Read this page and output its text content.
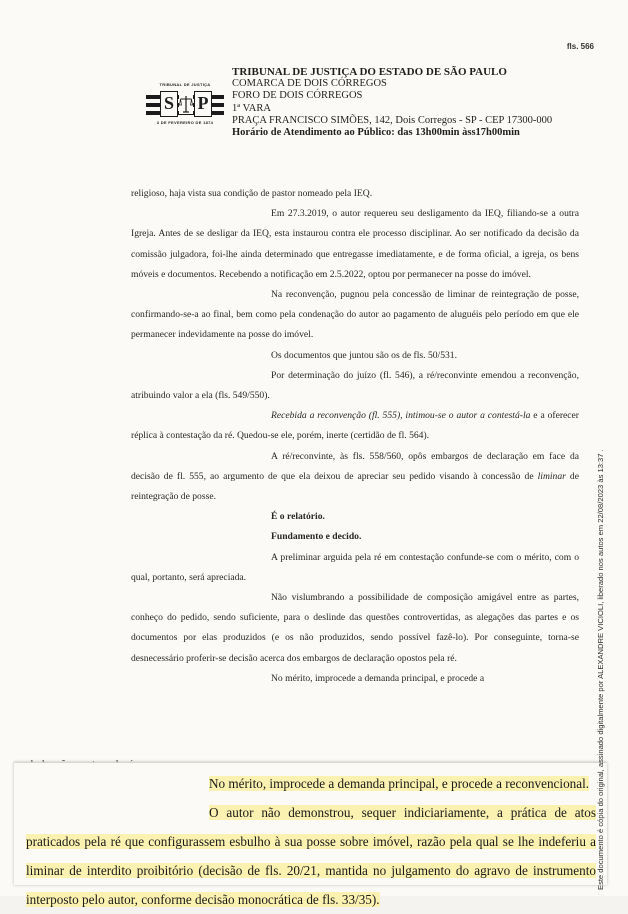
fls. 566
TRIBUNAL DE JUSTIÇA
S P
3 DE FEVEREIRO DE 1874
TRIBUNAL DE JUSTIÇA DO ESTADO DE SÃO PAULO
COMARCA DE DOIS CÓRREGOS
FORO DE DOIS CÓRREGOS
1ª VARA
PRAÇA FRANCISCO SIMÕES, 142, Dois Corregos - SP - CEP 17300-000
Horário de Atendimento ao Público: das 13h00min àss17h00min

religioso, haja vista sua condição de pastor nomeado pela IEQ.

Em 27.3.2019, o autor requereu seu desligamento da IEQ, filiando-se a outra Igreja. Antes de se desligar da IEQ, esta instaurou contra ele processo disciplinar. Ao ser notificado da decisão da comissão julgadora, foi-lhe ainda determinado que entregasse imediatamente, e de forma oficial, a igreja, os bens móveis e documentos. Recebendo a notificação em 2.5.2022, optou por permanecer na posse do imóvel.

Na reconvenção, pugnou pela concessão de liminar de reintegração de posse, confirmando-se-a ao final, bem como pela condenação do autor ao pagamento de aluguéis pelo período em que ele permanecer indevidamente na posse do imóvel.

Os documentos que juntou são os de fls. 50/531.

Por determinação do juízo (fl. 546), a ré/reconvinte emendou a reconvenção, atribuindo valor a ela (fls. 549/550).

Recebida a reconvenção (fl. 555), intimou-se o autor a contestá-la e a oferecer réplica à contestação da ré. Quedou-se ele, porém, inerte (certidão de fl. 564).

A ré/reconvinte, às fls. 558/560, opôs embargos de declaração em face da decisão de fl. 555, ao argumento de que ela deixou de apreciar seu pedido visando à concessão de liminar de reintegração de posse.

É o relatório.

Fundamento e decido.

A preliminar arguida pela ré em contestação confunde-se com o mérito, com o qual, portanto, será apreciada.

Não vislumbrando a possibilidade de composição amigável entre as partes, conheço do pedido, sendo suficiente, para o deslinde das questões controvertidas, as alegações das partes e os documentos por elas produzidos (e os não produzidos, sendo possível fazê-lo). Por conseguinte, torna-se desnecessário proferir-se decisão acerca dos embargos de declaração opostos pela ré.

No mérito, improcede a demanda principal, e procede a

No mérito, improcede a demanda principal, e procede a reconvencional.

O autor não demonstrou, sequer indiciariamente, a prática de atos praticados pela ré que configurassem esbulho à sua posse sobre imóvel, razão pela qual se lhe indeferiu a liminar de interdito proibitório (decisão de fls. 20/21, mantida no julgamento do agravo de instrumento interposto pelo autor, conforme decisão monocrática de fls. 33/35).

Este documento é cópia do original, assinado digitalmente por ALEXANDRE VICIOLI, liberado nos autos em 22/08/2023 às 13:37 .
